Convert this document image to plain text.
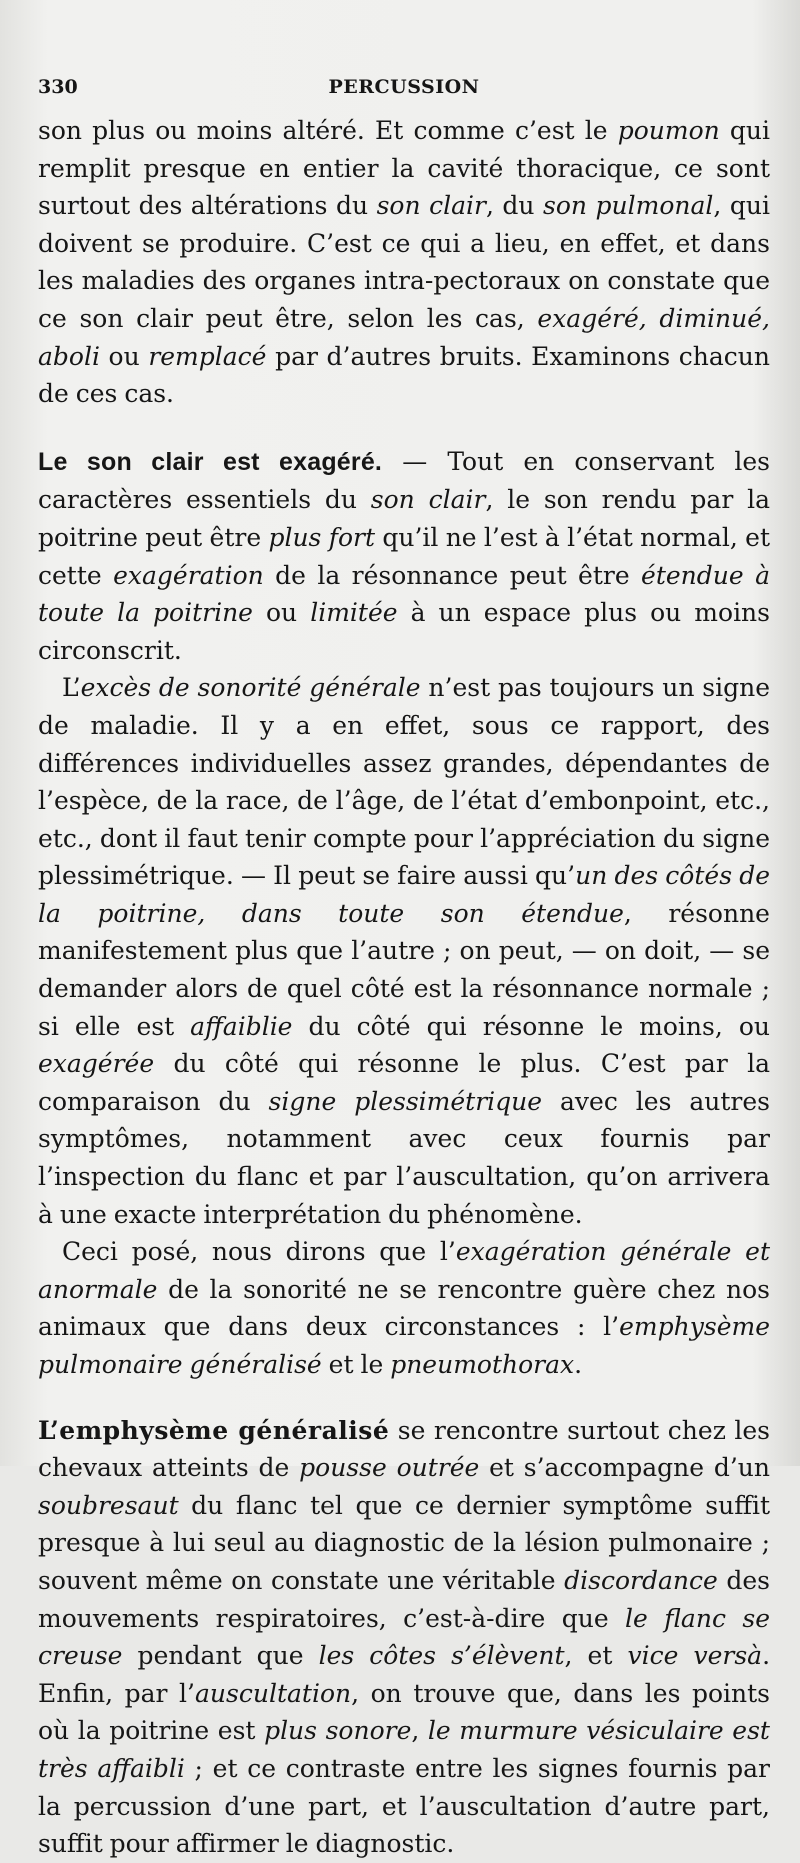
330	PERCUSSION

son plus ou moins altéré. Et comme c’est le poumon qui remplit presque en entier la cavité thoracique, ce sont surtout des altérations du son clair, du son pulmonal, qui doivent se produire. C’est ce qui a lieu, en effet, et dans les maladies des organes intra-pectoraux on constate que ce son clair peut être, selon les cas, exagéré, diminué, aboli ou remplacé par d’autres bruits. Examinons chacun de ces cas.

Le son clair est exagéré. — Tout en conservant les caractères essentiels du son clair, le son rendu par la poitrine peut être plus fort qu’il ne l’est à l’état normal, et cette exagération de la résonnance peut être étendue à toute la poitrine ou limitée à un espace plus ou moins circonscrit.

L’excès de sonorité générale n’est pas toujours un signe de maladie. Il y a en effet, sous ce rapport, des différences individuelles assez grandes, dépendantes de l’espèce, de la race, de l’âge, de l’état d’embonpoint, etc., etc., dont il faut tenir compte pour l’appréciation du signe plessimétrique. — Il peut se faire aussi qu’un des côtés de la poitrine, dans toute son étendue, résonne manifestement plus que l’autre ; on peut, — on doit, — se demander alors de quel côté est la résonnance normale ; si elle est affaiblie du côté qui résonne le moins, ou exagérée du côté qui résonne le plus. C’est par la comparaison du signe plessimétrique avec les autres symptômes, notamment avec ceux fournis par l’inspection du flanc et par l’auscultation, qu’on arrivera à une exacte interprétation du phénomène.

Ceci posé, nous dirons que l’exagération générale et anormale de la sonorité ne se rencontre guère chez nos animaux que dans deux circonstances : l’emphysème pulmonaire généralisé et le pneumothorax.

L’emphysème généralisé se rencontre surtout chez les chevaux atteints de pousse outrée et s’accompagne d’un soubresaut du flanc tel que ce dernier symptôme suffit presque à lui seul au diagnostic de la lésion pulmonaire ; souvent même on constate une véritable discordance des mouvements respiratoires, c’est-à-dire que le flanc se creuse pendant que les côtes s’élèvent, et vice versà. Enfin, par l’auscultation, on trouve que, dans les points où la poitrine est plus sonore, le murmure vésiculaire est très affaibli ; et ce contraste entre les signes fournis par la percussion d’une part, et l’auscultation d’autre part, suffit pour affirmer le diagnostic.
